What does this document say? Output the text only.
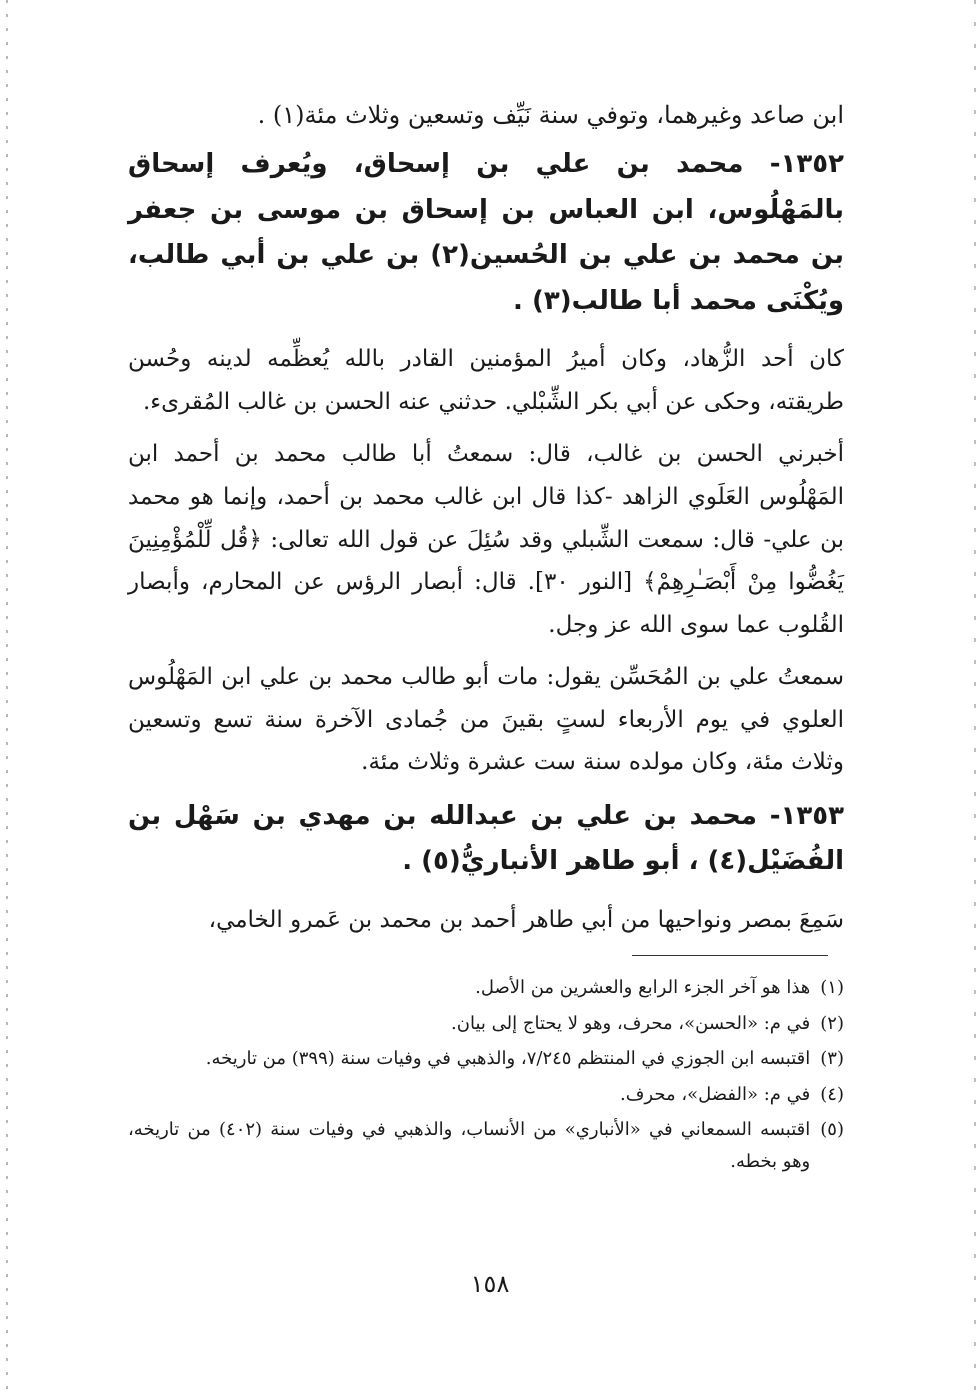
ابن صاعد وغيرهما، وتوفي سنة نَيِّف وتسعين وثلاث مئة(١) .

١٣٥٢- محمد بن علي بن إسحاق، ويُعرف إسحاق بالمَهْلُوس، ابن العباس بن إسحاق بن موسى بن جعفر بن محمد بن علي بن الحُسين(٢) بن علي بن أبي طالب، ويُكْنَى محمد أبا طالب(٣) .

كان أحد الزُّهاد، وكان أميرُ المؤمنين القادر بالله يُعظِّمه لدينه وحُسن طريقته، وحكى عن أبي بكر الشِّبْلي. حدثني عنه الحسن بن غالب المُقرىء.

أخبرني الحسن بن غالب، قال: سمعتُ أبا طالب محمد بن أحمد ابن المَهْلُوس العَلَوي الزاهد -كذا قال ابن غالب محمد بن أحمد، وإنما هو محمد بن علي- قال: سمعت الشِّبلي وقد سُئِلَ عن قول الله تعالى: ﴿قُل لِّلْمُؤْمِنِينَ يَغُضُّوا مِنْ أَبْصَـٰرِهِمْ﴾ [النور ٣٠]. قال: أبصار الرؤس عن المحارم، وأبصار القُلوب عما سوى الله عز وجل.

سمعتُ علي بن المُحَسِّن يقول: مات أبو طالب محمد بن علي ابن المَهْلُوس العلوي في يوم الأربعاء لستٍ بقينَ من جُمادى الآخرة سنة تسع وتسعين وثلاث مئة، وكان مولده سنة ست عشرة وثلاث مئة.

١٣٥٣- محمد بن علي بن عبدالله بن مهدي بن سَهْل بن الفُضَيْل(٤) ، أبو طاهر الأنباريُّ(٥) .

سَمِعَ بمصر ونواحيها من أبي طاهر أحمد بن محمد بن عَمرو الخامي،

(١)
هذا هو آخر الجزء الرابع والعشرين من الأصل.
(٢)
في م: «الحسن»، محرف، وهو لا يحتاج إلى بيان.
(٣)
اقتبسه ابن الجوزي في المنتظم ٧/٢٤٥، والذهبي في وفيات سنة (٣٩٩) من تاريخه.
(٤)
في م: «الفضل»، محرف.
(٥)
اقتبسه السمعاني في «الأنباري» من الأنساب، والذهبي في وفيات سنة (٤٠٢) من تاريخه، وهو بخطه.
١٥٨
